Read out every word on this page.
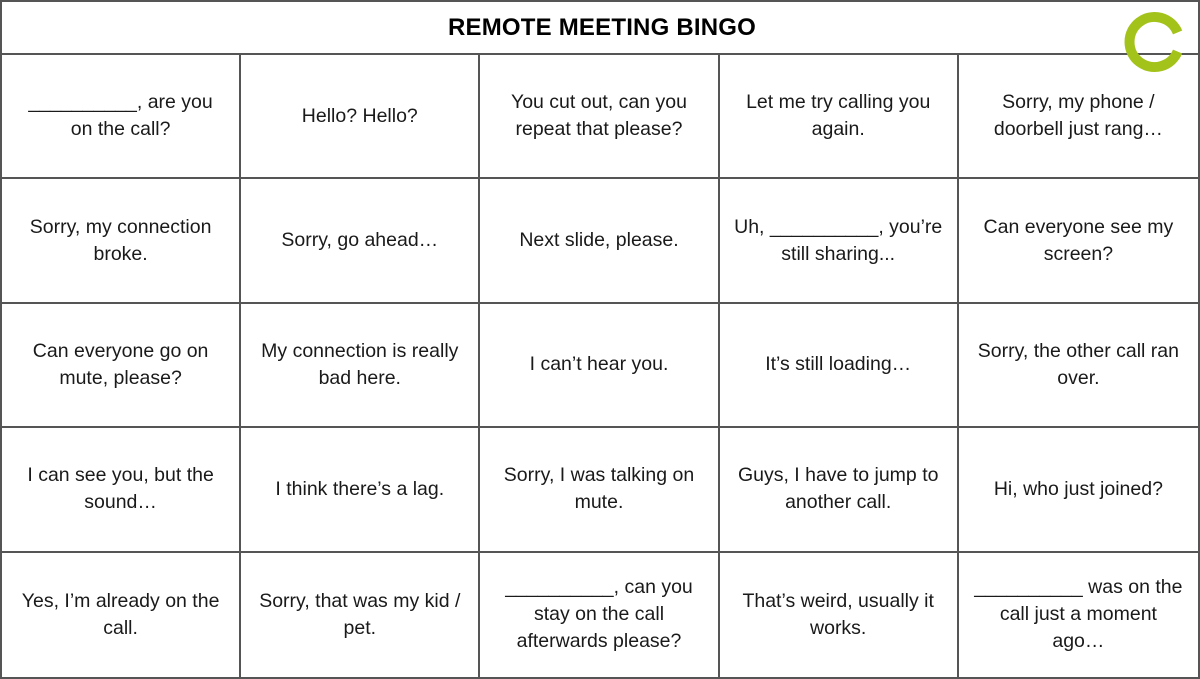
REMOTE MEETING BINGO
__________, are you on the call?
Hello? Hello?
You cut out, can you repeat that please?
Let me try calling you again.
Sorry, my phone / doorbell just rang…
Sorry, my connection broke.
Sorry, go ahead…	Next slide, please.
Uh, __________, you’re still sharing...
Can everyone see my screen?
Can everyone go on mute, please?
My connection is really bad here.
I can’t hear you.	It’s still loading…
Sorry, the other call ran over.
I can see you, but the sound…
I think there’s a lag.
Sorry, I was talking on mute.
Guys, I have to jump to another call.
Hi, who just joined?
Yes, I’m already on the call.
Sorry, that was my kid / pet.
__________, can you stay on the call afterwards please?
That’s weird, usually it works.
__________ was on the call just a moment ago…
